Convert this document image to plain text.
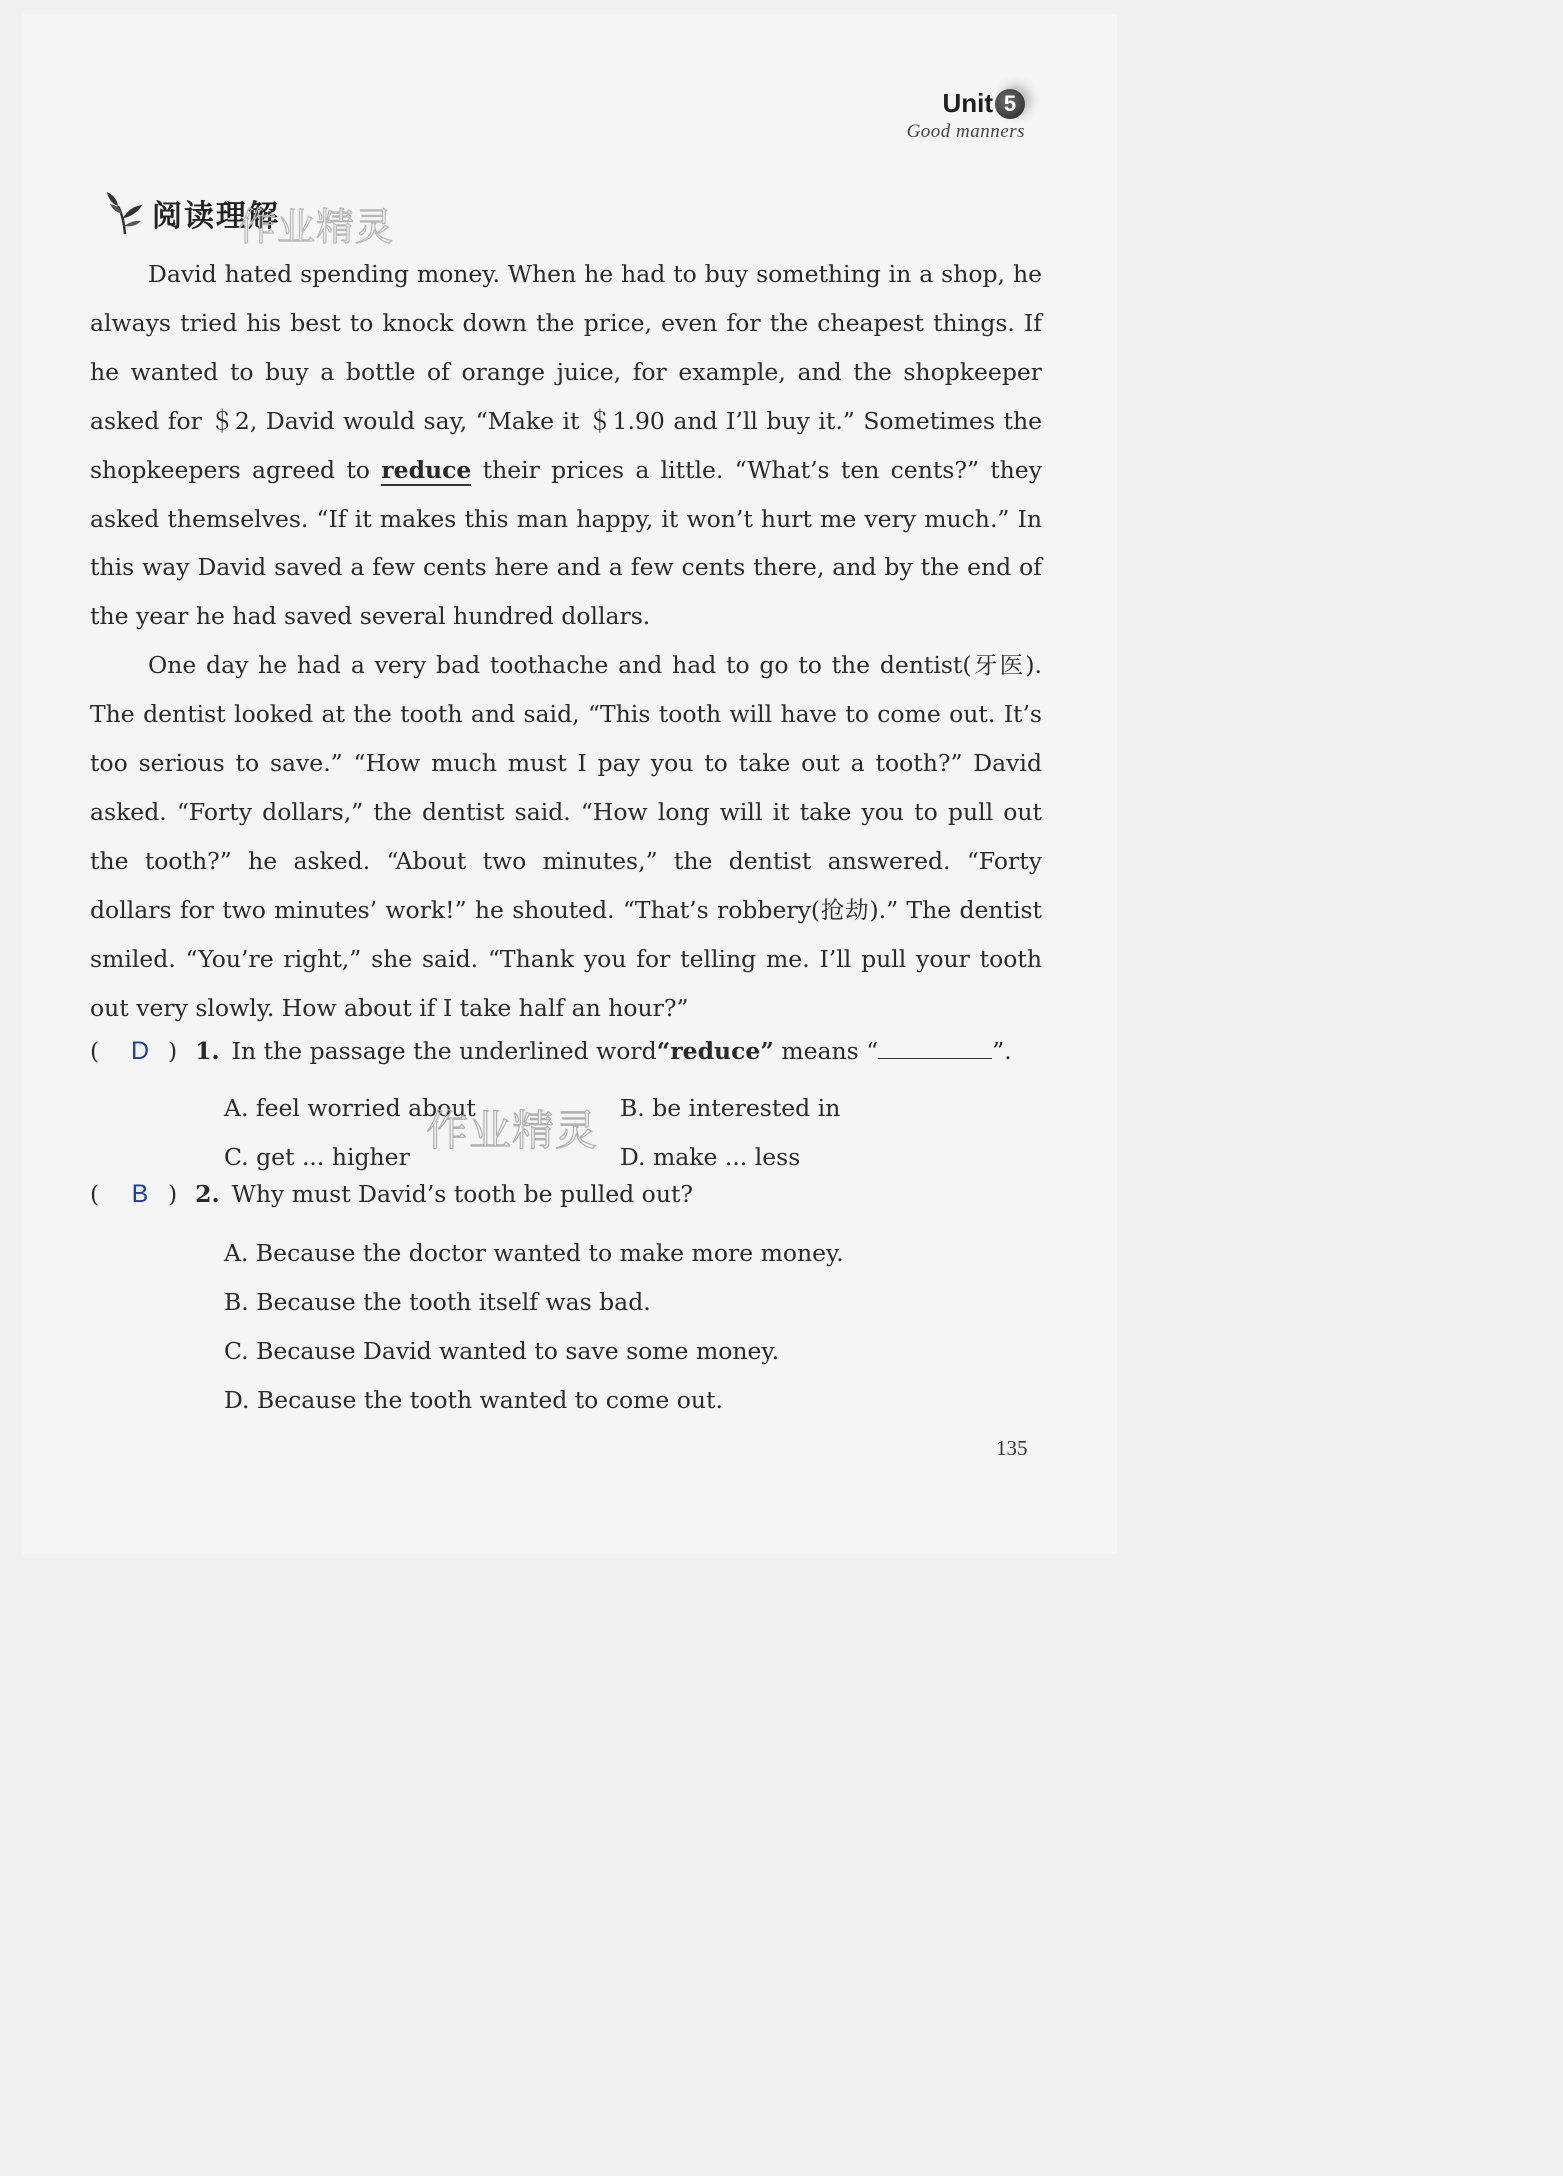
Unit 5
Good manners
阅读理解
作业精灵

David hated spending money. When he had to buy something in a shop, he always tried his best to knock down the price, even for the cheapest things. If he wanted to buy a bottle of orange juice, for example, and the shopkeeper asked for ＄2, David would say, “Make it ＄1.90 and I’ll buy it.” Sometimes the shopkeepers agreed to reduce their prices a little. “What’s ten cents?” they asked themselves. “If it makes this man happy, it won’t hurt me very much.” In this way David saved a few cents here and a few cents there, and by the end of the year he had saved several hundred dollars.

One day he had a very bad toothache and had to go to the dentist(牙医). The dentist looked at the tooth and said, “This tooth will have to come out. It’s too serious to save.” “How much must I pay you to take out a tooth?” David asked. “Forty dollars,” the dentist said. “How long will it take you to pull out the tooth?” he asked. “About two minutes,” the dentist answered. “Forty dollars for two minutes’ work!” he shouted. “That’s robbery(抢劫).” The dentist smiled. “You’re right,” she said. “Thank you for telling me. I’ll pull your tooth out very slowly. How about if I take half an hour?”

(	D ) 1. In the passage the underlined word “reduce” means “	”.
A. feel worried about	B. be interested in
C. get ... higher	D. make ... less
作业精灵
(	B ) 2. Why must David’s tooth be pulled out?
A. Because the doctor wanted to make more money.
B. Because the tooth itself was bad.
C. Because David wanted to save some money.
D. Because the tooth wanted to come out.
135
